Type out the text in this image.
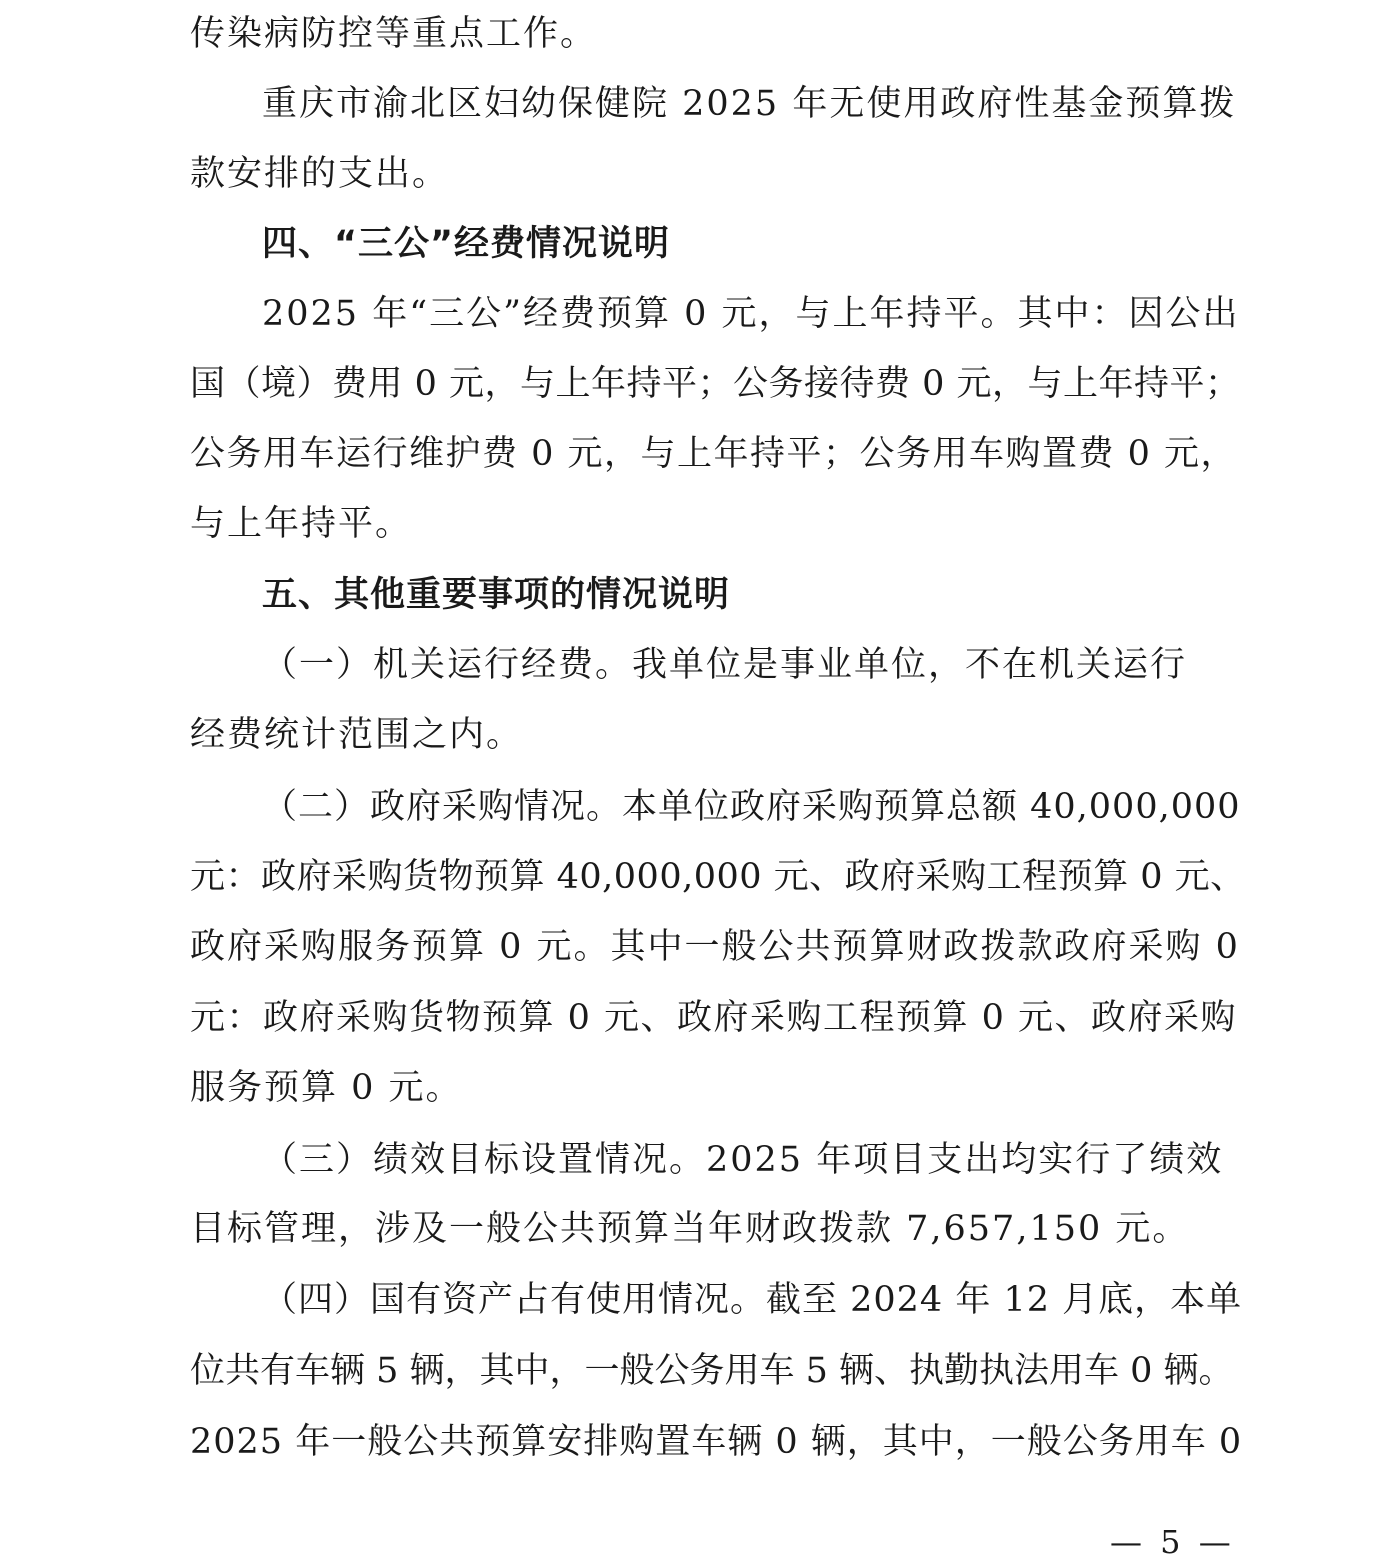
传染病防控等重点工作。
重庆市渝北区妇幼保健院 2025 年无使用政府性基金预算拨
款安排的支出。
四、“三公”经费情况说明
2025 年“三公”经费预算 0 元，与上年持平。其中：因公出
国（境）费用 0 元，与上年持平；公务接待费 0 元，与上年持平；
公务用车运行维护费 0 元，与上年持平；公务用车购置费 0 元，
与上年持平。
五、其他重要事项的情况说明
（一）机关运行经费。我单位是事业单位，不在机关运行
经费统计范围之内。
（二）政府采购情况。本单位政府采购预算总额 40,000,000
元：政府采购货物预算 40,000,000 元、政府采购工程预算 0 元、
政府采购服务预算 0 元。其中一般公共预算财政拨款政府采购 0
元：政府采购货物预算 0 元、政府采购工程预算 0 元、政府采购
服务预算 0 元。
（三）绩效目标设置情况。2025 年项目支出均实行了绩效
目标管理，涉及一般公共预算当年财政拨款 7,657,150 元。
（四）国有资产占有使用情况。截至 2024 年 12 月底，本单
位共有车辆 5 辆，其中，一般公务用车 5 辆、执勤执法用车 0 辆。
2025 年一般公共预算安排购置车辆 0 辆，其中，一般公务用车 0
— 5 —
